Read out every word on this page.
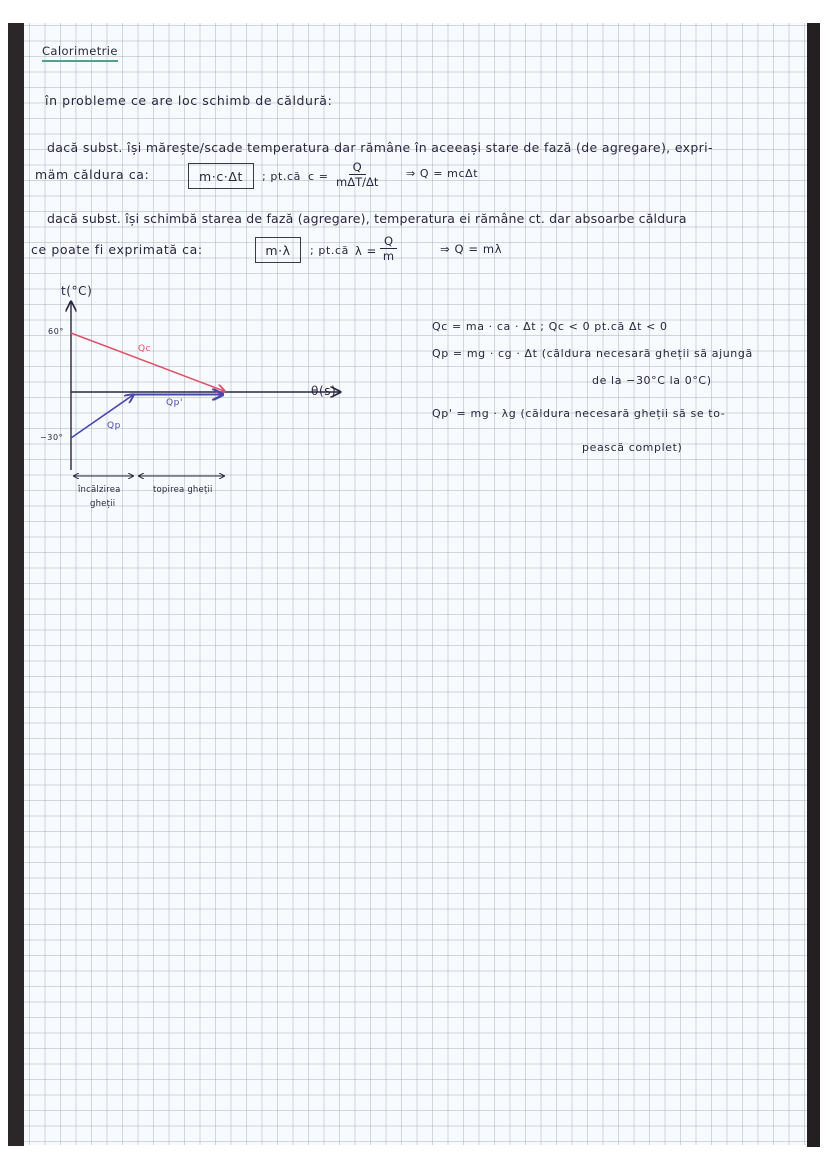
Calorimetrie
în probleme ce are loc schimb de căldură:
dacă subst. își mărește/scade temperatura dar rămâne în aceeași stare de fază (de agregare), expri-
mäm căldura ca:	m·c·Δt	; pt.că c =
Q
mΔT/Δt
⇒ Q = mcΔt
dacă subst. își schimbă starea de fază (agregare), temperatura ei rămâne ct. dar absoarbe căldura
ce poate fi exprimată ca:	m·λ	; pt.că $\lambda = \frac{Q}{m}$	⇒ Q = mλ
t(°C)
θ(s)
60°
−30°
Qc
Qp
Qp'
încălzirea
gheții
topirea gheții
Qc = ma · ca · Δt ; Qc < 0 pt.că Δt < 0
Qp = mg · cg · Δt (căldura necesară gheții să ajungă
de la −30°C la 0°C)
Qp' = mg · λg (căldura necesară gheții să se to-
pească complet)
